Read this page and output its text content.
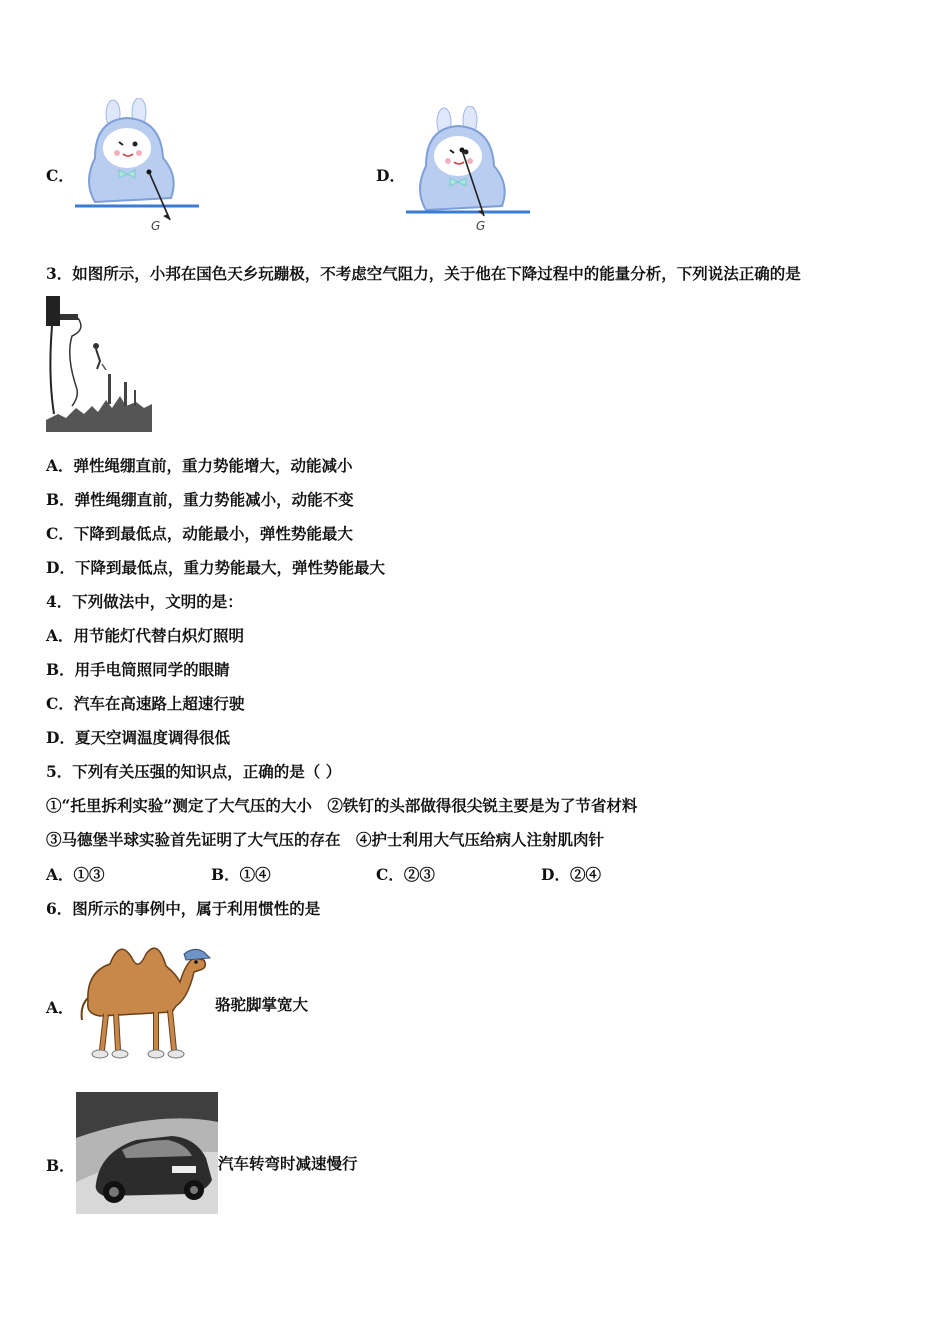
C．
G
D．
G
3．如图所示，小邦在国色天乡玩蹦极，不考虑空气阻力，关于他在下降过程中的能量分析，下列说法正确的是
A．弹性绳绷直前，重力势能增大，动能减小
B．弹性绳绷直前，重力势能减小，动能不变
C．下降到最低点，动能最小，弹性势能最大
D．下降到最低点，重力势能最大，弹性势能最大
4．下列做法中，文明的是：
A．用节能灯代替白炽灯照明
B．用手电筒照同学的眼睛
C．汽车在高速路上超速行驶
D．夏天空调温度调得很低
5．下列有关压强的知识点，正确的是（ ）
①“托里拆利实验”测定了大气压的大小　②铁钉的头部做得很尖锐主要是为了节省材料
③马德堡半球实验首先证明了大气压的存在　④护士利用大气压给病人注射肌肉针
A．①③	B．①④	C．②③	D．②④
6．图所示的事例中，属于利用惯性的是
A．	骆驼脚掌宽大
B．	汽车转弯时减速慢行
